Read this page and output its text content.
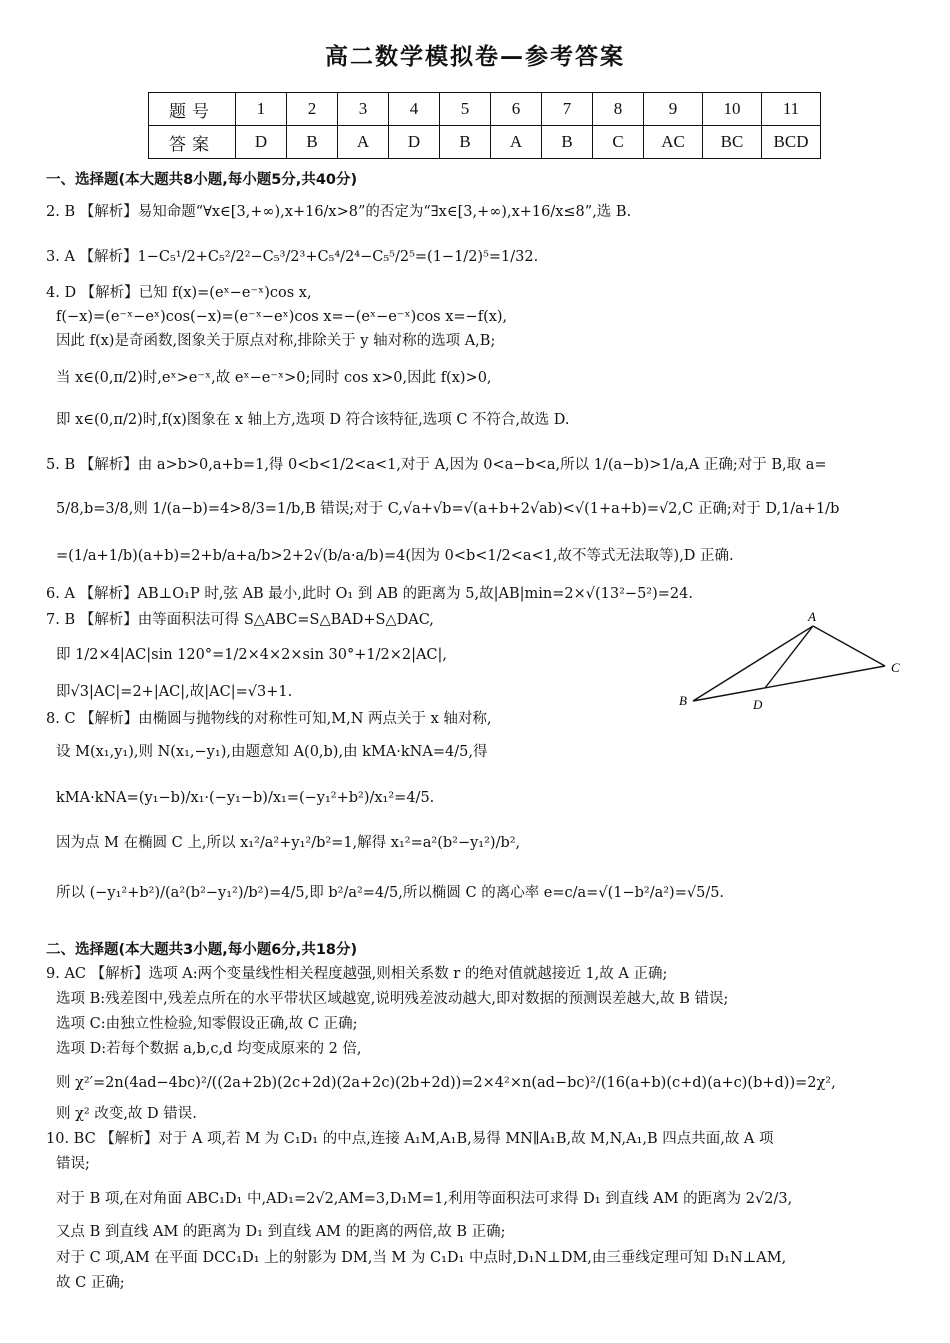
高二数学模拟卷—参考答案
题号	1	2	3	4	5	6	7	8	9	10	11
答案	D	B	A	D	B	A	B	C	AC	BC	BCD
一、选择题(本大题共8小题,每小题5分,共40分)
2. B 【解析】易知命题“∀x∈[3,+∞),x+16/x>8”的否定为“∃x∈[3,+∞),x+16/x≤8”,选 B.
3. A 【解析】1−C₅¹/2+C₅²/2²−C₅³/2³+C₅⁴/2⁴−C₅⁵/2⁵=(1−1/2)⁵=1/32.
4. D 【解析】已知 f(x)=(eˣ−e⁻ˣ)cos x,
f(−x)=(e⁻ˣ−eˣ)cos(−x)=(e⁻ˣ−eˣ)cos x=−(eˣ−e⁻ˣ)cos x=−f(x),
因此 f(x)是奇函数,图象关于原点对称,排除关于 y 轴对称的选项 A,B;
当 x∈(0,π/2)时,eˣ>e⁻ˣ,故 eˣ−e⁻ˣ>0;同时 cos x>0,因此 f(x)>0,
即 x∈(0,π/2)时,f(x)图象在 x 轴上方,选项 D 符合该特征,选项 C 不符合,故选 D.
5. B 【解析】由 a>b>0,a+b=1,得 0<b<1/2<a<1,对于 A,因为 0<a−b<a,所以 1/(a−b)>1/a,A 正确;对于 B,取 a=
5/8,b=3/8,则 1/(a−b)=4>8/3=1/b,B 错误;对于 C,√a+√b=√(a+b+2√ab)<√(1+a+b)=√2,C 正确;对于 D,1/a+1/b
=(1/a+1/b)(a+b)=2+b/a+a/b>2+2√(b/a·a/b)=4(因为 0<b<1/2<a<1,故不等式无法取等),D 正确.
6. A 【解析】AB⊥O₁P 时,弦 AB 最小,此时 O₁ 到 AB 的距离为 5,故|AB|min=2×√(13²−5²)=24.
7. B 【解析】由等面积法可得 S△ABC=S△BAD+S△DAC,
即 1/2×4|AC|sin 120°=1/2×4×2×sin 30°+1/2×2|AC|,
即√3|AC|=2+|AC|,故|AC|=√3+1.
8. C 【解析】由椭圆与抛物线的对称性可知,M,N 两点关于 x 轴对称,
设 M(x₁,y₁),则 N(x₁,−y₁),由题意知 A(0,b),由 kMA·kNA=4/5,得
kMA·kNA=(y₁−b)/x₁·(−y₁−b)/x₁=(−y₁²+b²)/x₁²=4/5.
因为点 M 在椭圆 C 上,所以 x₁²/a²+y₁²/b²=1,解得 x₁²=a²(b²−y₁²)/b²,
所以 (−y₁²+b²)/(a²(b²−y₁²)/b²)=4/5,即 b²/a²=4/5,所以椭圆 C 的离心率 e=c/a=√(1−b²/a²)=√5/5.
二、选择题(本大题共3小题,每小题6分,共18分)
9. AC 【解析】选项 A:两个变量线性相关程度越强,则相关系数 r 的绝对值就越接近 1,故 A 正确;
选项 B:残差图中,残差点所在的水平带状区域越宽,说明残差波动越大,即对数据的预测误差越大,故 B 错误;
选项 C:由独立性检验,知零假设正确,故 C 正确;
选项 D:若每个数据 a,b,c,d 均变成原来的 2 倍,
则 χ²′=2n(4ad−4bc)²/((2a+2b)(2c+2d)(2a+2c)(2b+2d))=2×4²×n(ad−bc)²/(16(a+b)(c+d)(a+c)(b+d))=2χ²,
则 χ² 改变,故 D 错误.
10. BC 【解析】对于 A 项,若 M 为 C₁D₁ 的中点,连接 A₁M,A₁B,易得 MN∥A₁B,故 M,N,A₁,B 四点共面,故 A 项
错误;
对于 B 项,在对角面 ABC₁D₁ 中,AD₁=2√2,AM=3,D₁M=1,利用等面积法可求得 D₁ 到直线 AM 的距离为 2√2/3,
又点 B 到直线 AM 的距离为 D₁ 到直线 AM 的距离的两倍,故 B 正确;
对于 C 项,AM 在平面 DCC₁D₁ 上的射影为 DM,当 M 为 C₁D₁ 中点时,D₁N⊥DM,由三垂线定理可知 D₁N⊥AM,
故 C 正确;
A
B
C
D
